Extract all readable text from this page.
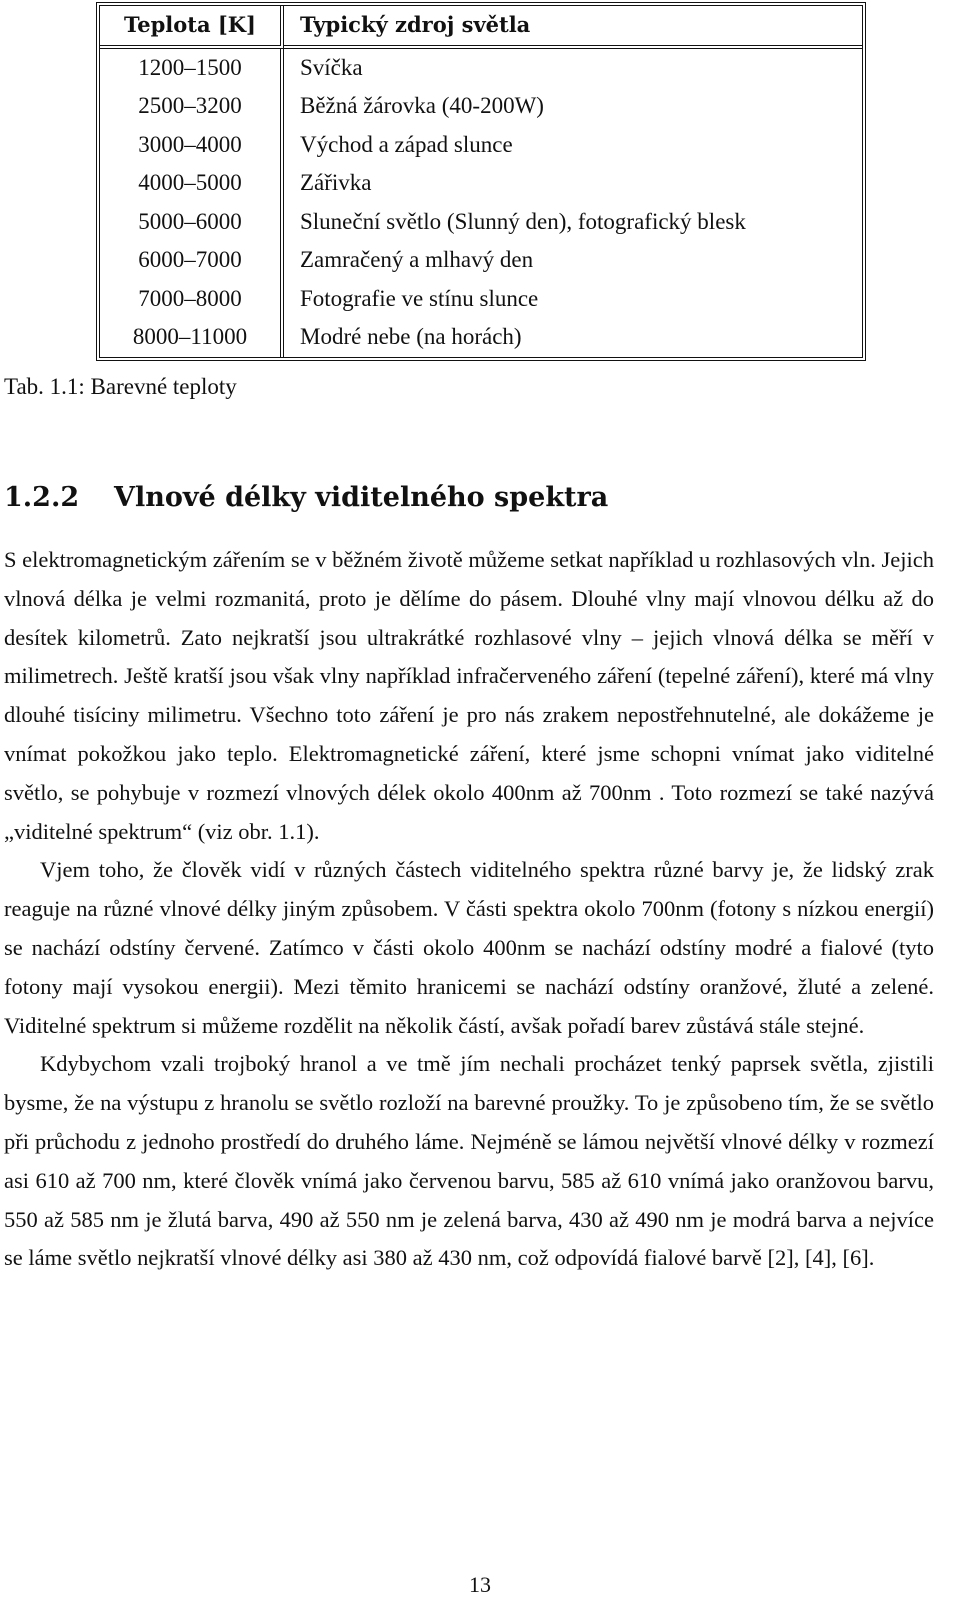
Teplota [K]	Typický zdroj světla
1200–1500	Svíčka
2500–3200	Běžná žárovka (40-200W)
3000–4000	Východ a západ slunce
4000–5000	Zářivka
5000–6000	Sluneční světlo (Slunný den), fotografický blesk
6000–7000	Zamračený a mlhavý den
7000–8000	Fotografie ve stínu slunce
8000–11000	Modré nebe (na horách)
Tab. 1.1: Barevné teploty
1.2.2 Vlnové délky viditelného spektra

S elektromagnetickým zářením se v běžném životě můžeme setkat například u rozhlasových vln. Jejich vlnová délka je velmi rozmanitá, proto je dělíme do pásem. Dlouhé vlny mají vlnovou délku až do desítek kilometrů. Zato nejkratší jsou ultrakrátké rozhlasové vlny – jejich vlnová délka se měří v milimetrech. Ještě kratší jsou však vlny například infračerveného záření (tepelné záření), které má vlny dlouhé tisíciny milimetru. Všechno toto záření je pro nás zrakem nepostřehnutelné, ale dokážeme je vnímat pokožkou jako teplo. Elektromagnetické záření, které jsme schopni vnímat jako viditelné světlo, se pohybuje v rozmezí vlnových délek okolo 400nm až 700nm . Toto rozmezí se také nazývá „viditelné spektrum“ (viz obr. 1.1).

Vjem toho, že člověk vidí v různých částech viditelného spektra různé barvy je, že lidský zrak reaguje na různé vlnové délky jiným způsobem. V části spektra okolo 700nm (fotony s nízkou energií) se nachází odstíny červené. Zatímco v části okolo 400nm se nachází odstíny modré a fialové (tyto fotony mají vysokou energii). Mezi těmito hranicemi se nachází odstíny oranžové, žluté a zelené. Viditelné spektrum si můžeme rozdělit na několik částí, avšak pořadí barev zůstává stále stejné.

Kdybychom vzali trojboký hranol a ve tmě jím nechali procházet tenký paprsek světla, zjistili bysme, že na výstupu z hranolu se světlo rozloží na barevné proužky. To je způsobeno tím, že se světlo při průchodu z jednoho prostředí do druhého láme. Nejméně se lámou největší vlnové délky v rozmezí asi 610 až 700 nm, které člověk vnímá jako červenou barvu, 585 až 610 vnímá jako oranžovou barvu, 550 až 585 nm je žlutá barva, 490 až 550 nm je zelená barva, 430 až 490 nm je modrá barva a nejvíce se láme světlo nejkratší vlnové délky asi 380 až 430 nm, což odpovídá fialové barvě [2], [4], [6].

13
